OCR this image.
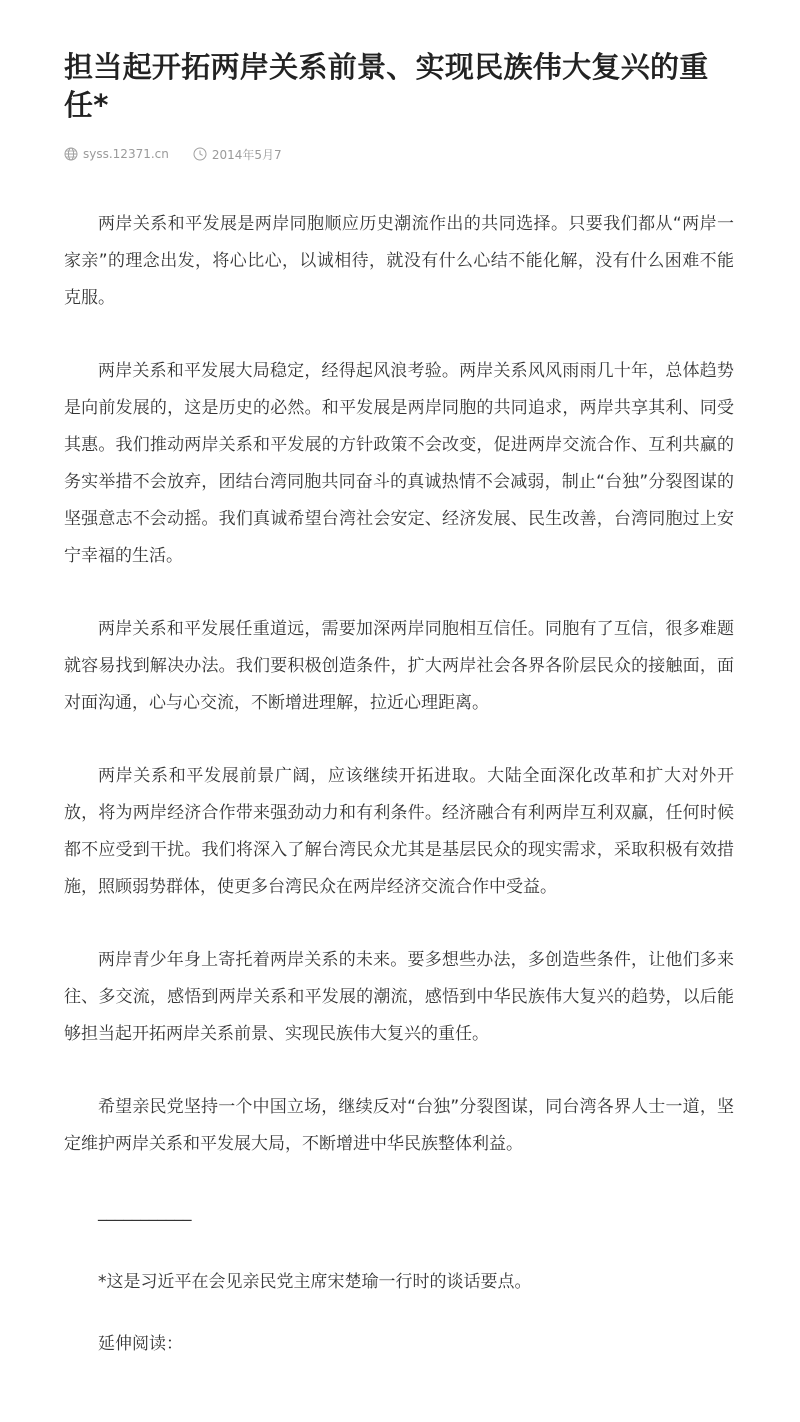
担当起开拓两岸关系前景、实现民族伟大复兴的重任*
syss.12371.cn	2014年5月7

两岸关系和平发展是两岸同胞顺应历史潮流作出的共同选择。只要我们都从“两岸一家亲”的理念出发，将心比心，以诚相待，就没有什么心结不能化解，没有什么困难不能克服。

两岸关系和平发展大局稳定，经得起风浪考验。两岸关系风风雨雨几十年，总体趋势是向前发展的，这是历史的必然。和平发展是两岸同胞的共同追求，两岸共享其利、同受其惠。我们推动两岸关系和平发展的方针政策不会改变，促进两岸交流合作、互利共赢的务实举措不会放弃，团结台湾同胞共同奋斗的真诚热情不会减弱，制止“台独”分裂图谋的坚强意志不会动摇。我们真诚希望台湾社会安定、经济发展、民生改善，台湾同胞过上安宁幸福的生活。

两岸关系和平发展任重道远，需要加深两岸同胞相互信任。同胞有了互信，很多难题就容易找到解决办法。我们要积极创造条件，扩大两岸社会各界各阶层民众的接触面，面对面沟通，心与心交流，不断增进理解，拉近心理距离。

两岸关系和平发展前景广阔，应该继续开拓进取。大陆全面深化改革和扩大对外开放，将为两岸经济合作带来强劲动力和有利条件。经济融合有利两岸互利双赢，任何时候都不应受到干扰。我们将深入了解台湾民众尤其是基层民众的现实需求，采取积极有效措施，照顾弱势群体，使更多台湾民众在两岸经济交流合作中受益。

两岸青少年身上寄托着两岸关系的未来。要多想些办法，多创造些条件，让他们多来往、多交流，感悟到两岸关系和平发展的潮流，感悟到中华民族伟大复兴的趋势，以后能够担当起开拓两岸关系前景、实现民族伟大复兴的重任。

希望亲民党坚持一个中国立场，继续反对“台独”分裂图谋，同台湾各界人士一道，坚定维护两岸关系和平发展大局，不断增进中华民族整体利益。

___________

*这是习近平在会见亲民党主席宋楚瑜一行时的谈话要点。

延伸阅读：
